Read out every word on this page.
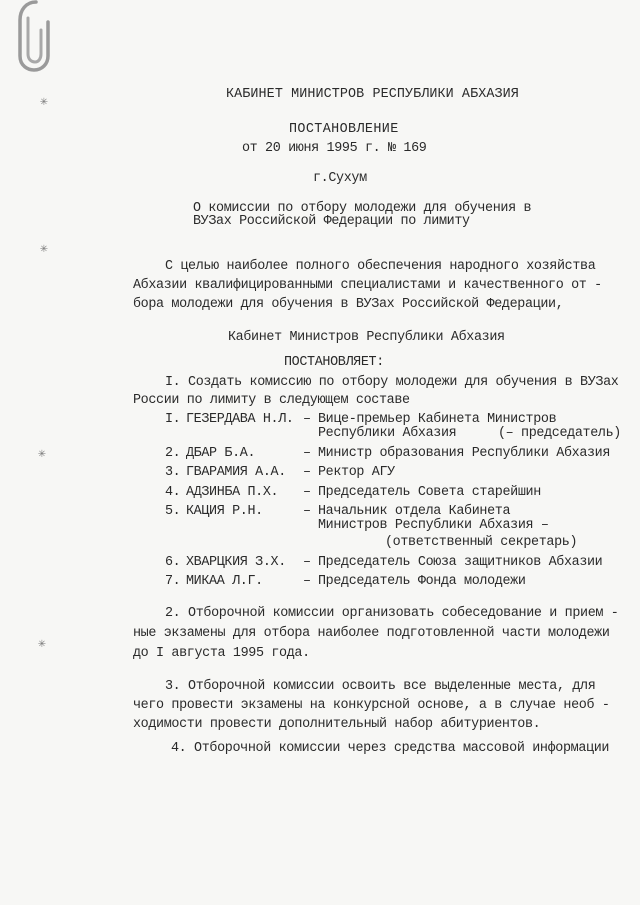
✳
✳
✳
✳
КАБИНЕТ МИНИСТРОВ РЕСПУБЛИКИ АБХАЗИЯ
ПОСТАНОВЛЕНИЕ
от 20 июня 1995 г. № 169
г.Сухум
О комиссии по отбору молодежи для обучения в
ВУЗах Российской Федерации по лимиту
С целью наиболее полного обеспечения народного хозяйства
Абхазии квалифицированными специалистами и качественного от -
бора молодежи для обучения в ВУЗах Российской Федерации,
Кабинет Министров Республики Абхазия
ПОСТАНОВЛЯЕТ:
I. Создать комиссию по отбору молодежи для обучения в ВУЗах
России по лимиту в следующем составе
I. ГЕЗЕРДАВА Н.Л. – Вице-премьер Кабинета Министров
Республики Абхазия	(– председатель)
2. ДБАР Б.А.	– Министр образования Республики Абхазия
3. ГВАРАМИЯ А.А. – Ректор АГУ
4. АДЗИНБА П.Х. – Председатель Совета старейшин
5. КАЦИЯ Р.Н.	– Начальник отдела Кабинета
Министров Республики Абхазия –
(ответственный секретарь)
6. ХВАРЦКИЯ З.Х. – Председатель Союза защитников Абхазии
7. МИКАА Л.Г.	– Председатель Фонда молодежи
2. Отборочной комиссии организовать собеседование и прием -
ные экзамены для отбора наиболее подготовленной части молодежи
до I августа 1995 года.
3. Отборочной комиссии освоить все выделенные места, для
чего провести экзамены на конкурсной основе, а в случае необ -
ходимости провести дополнительный набор абитуриентов.
4. Отборочной комиссии через средства массовой информации
